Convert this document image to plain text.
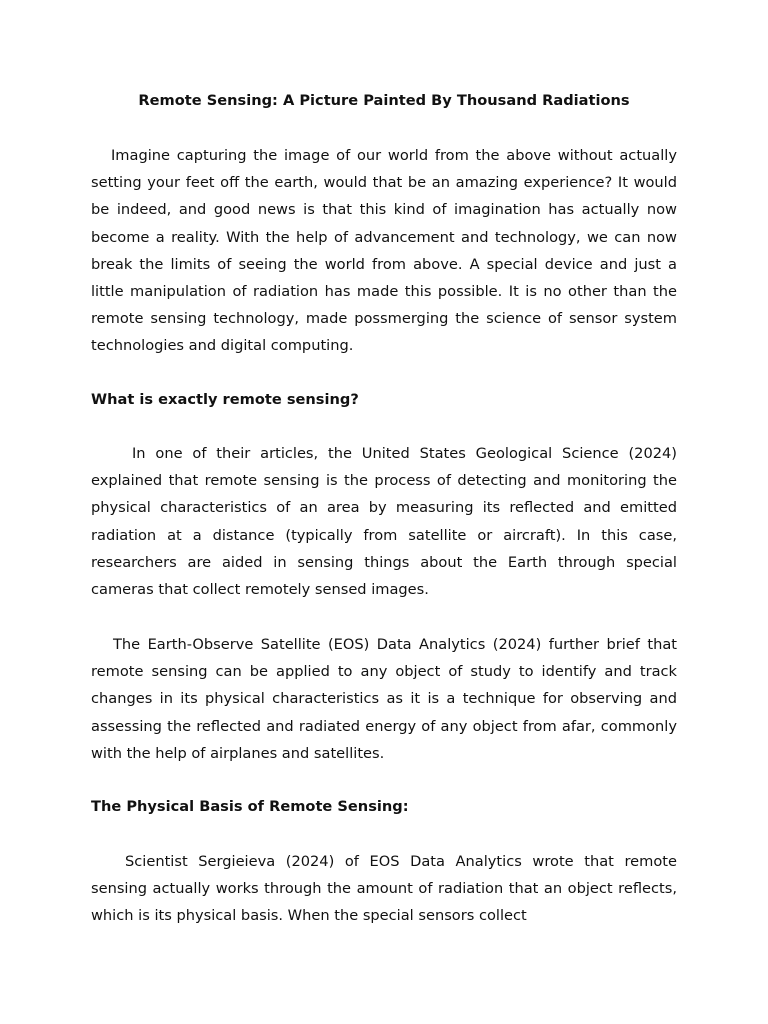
Remote Sensing: A Picture Painted By Thousand Radiations

Imagine capturing the image of our world from the above without actually setting your feet off the earth, would that be an amazing experience? It would be indeed, and good news is that this kind of imagination has actually now become a reality. With the help of advancement and technology, we can now break the limits of seeing the world from above. A special device and just a little manipulation of radiation has made this possible. It is no other than the remote sensing technology, made possmerging the science of sensor system technologies and digital computing.

What is exactly remote sensing?

In one of their articles, the United States Geological Science (2024) explained that remote sensing is the process of detecting and monitoring the physical characteristics of an area by measuring its reflected and emitted radiation at a distance (typically from satellite or aircraft). In this case, researchers are aided in sensing things about the Earth through special cameras that collect remotely sensed images.

The Earth-Observe Satellite (EOS) Data Analytics (2024) further brief that remote sensing can be applied to any object of study to identify and track changes in its physical characteristics as it is a technique for observing and assessing the reflected and radiated energy of any object from afar, commonly with the help of airplanes and satellites.

The Physical Basis of Remote Sensing:

Scientist Sergieieva (2024) of EOS Data Analytics wrote that remote sensing actually works through the amount of radiation that an object reflects, which is its physical basis. When the special sensors collect
